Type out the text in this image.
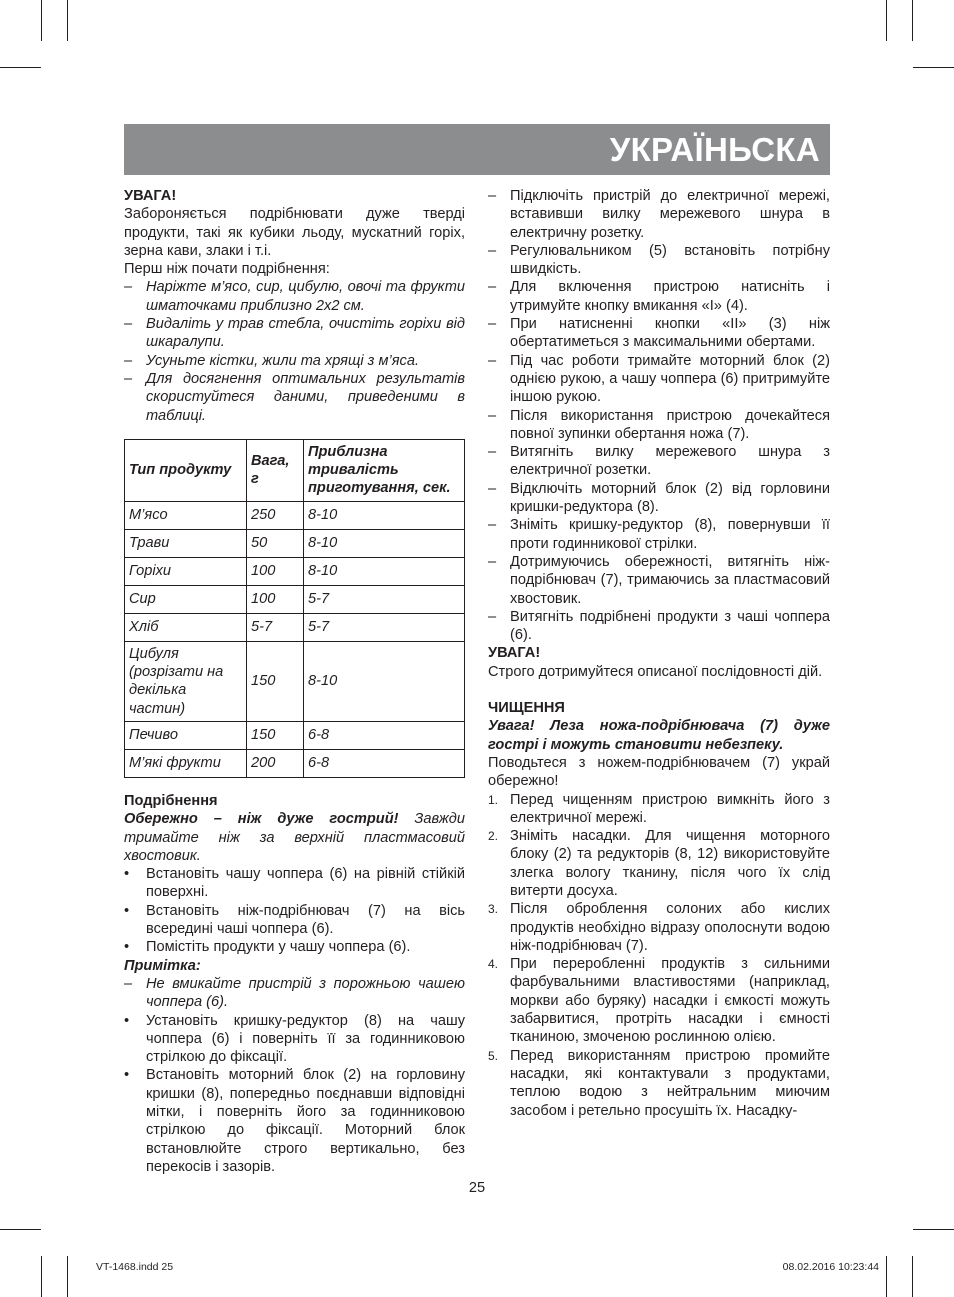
УКРАЇНЬСКА

УВАГА!

Забороняється подрібнювати дуже тверді продукти, такі як кубики льоду, мускатний горіх, зерна кави, злаки і т.і.

Перш ніж почати подрібнення:

– Наріжте м’ясо, сир, цибулю, овочі та фрукти шматочками приблизно 2х2 см.
– Видаліть у трав стебла, очистіть горіхи від шкаралупи.
– Усуньте кістки, жили та хрящі з м’яса.
– Для досягнення оптимальних результатів скористуйтеся даними, приведеними в таблиці.
Тип продукту	Вага, г	Приблизна тривалість приготування, сек.
М’ясо	250	8-10
Трави	50	8-10
Горіхи	100	8-10
Сир	100	5-7
Хліб	5-7	5-7
Цибуля (розрізати на декілька частин)	150	8-10
Печиво	150	6-8
М’які фрукти	200	6-8

Подрібнення

Обережно – ніж дуже гострий! Завжди тримайте ніж за верхній пластмасовий хвостовик.

• Встановіть чашу чоппера (6) на рівній стійкій поверхні.
• Встановіть ніж-подрібнювач (7) на вісь всередині чаші чоппера (6).
• Помістіть продукти у чашу чоппера (6).

Примітка:

– Не вмикайте пристрій з порожньою чашею чоппера (6).
• Установіть кришку-редуктор (8) на чашу чоппера (6) і поверніть її за годинниковою стрілкою до фіксації.
• Встановіть моторний блок (2) на горловину кришки (8), попередньо поєднавши відповідні мітки, і поверніть його за годинниковою стрілкою до фіксації. Моторний блок встановлюйте строго вертикально, без перекосів і зазорів.
– Підключіть пристрій до електричної мережі, вставивши вилку мережевого шнура в електричну розетку.
– Регулювальником (5) встановіть потрібну швидкість.
– Для включення пристрою натисніть і утримуйте кнопку вмикання «I» (4).
– При натисненні кнопки «II» (3) ніж обертатиметься з максимальними обертами.
– Під час роботи тримайте моторний блок (2) однією рукою, а чашу чоппера (6) притримуйте іншою рукою.
– Після використання пристрою дочекайтеся повної зупинки обертання ножа (7).
– Витягніть вилку мережевого шнура з електричної розетки.
– Відключіть моторний блок (2) від горловини кришки-редуктора (8).
– Зніміть кришку-редуктор (8), повернувши її проти годинникової стрілки.
– Дотримуючись обережності, витягніть ніж-подрібнювач (7), тримаючись за пластмасовий хвостовик.
– Витягніть подрібнені продукти з чаші чоппера (6).

УВАГА!

Строго дотримуйтеся описаної послідовності дій.

ЧИЩЕННЯ

Увага! Леза ножа-подрібнювача (7) дуже гострі і можуть становити небезпеку.

Поводьтеся з ножем-подрібнювачем (7) украй обережно!

1. Перед чищенням пристрою вимкніть його з електричної мережі.
2. Зніміть насадки. Для чищення моторного блоку (2) та редукторів (8, 12) використовуйте злегка вологу тканину, після чого їх слід витерти досуха.
3. Після оброблення солоних або кислих продуктів необхідно відразу ополоснути водою ніж-подрібнювач (7).
4. При переробленні продуктів з сильними фарбувальними властивостями (наприклад, моркви або буряку) насадки і ємкості можуть забарвитися, протріть насадки і ємності тканиною, змоченою рослинною олією.
5. Перед використанням пристрою промийте насадки, які контактували з продуктами, теплою водою з нейтральним миючим засобом і ретельно просушіть їх. Насадку-
25
VT-1468.indd 25	08.02.2016 10:23:44
